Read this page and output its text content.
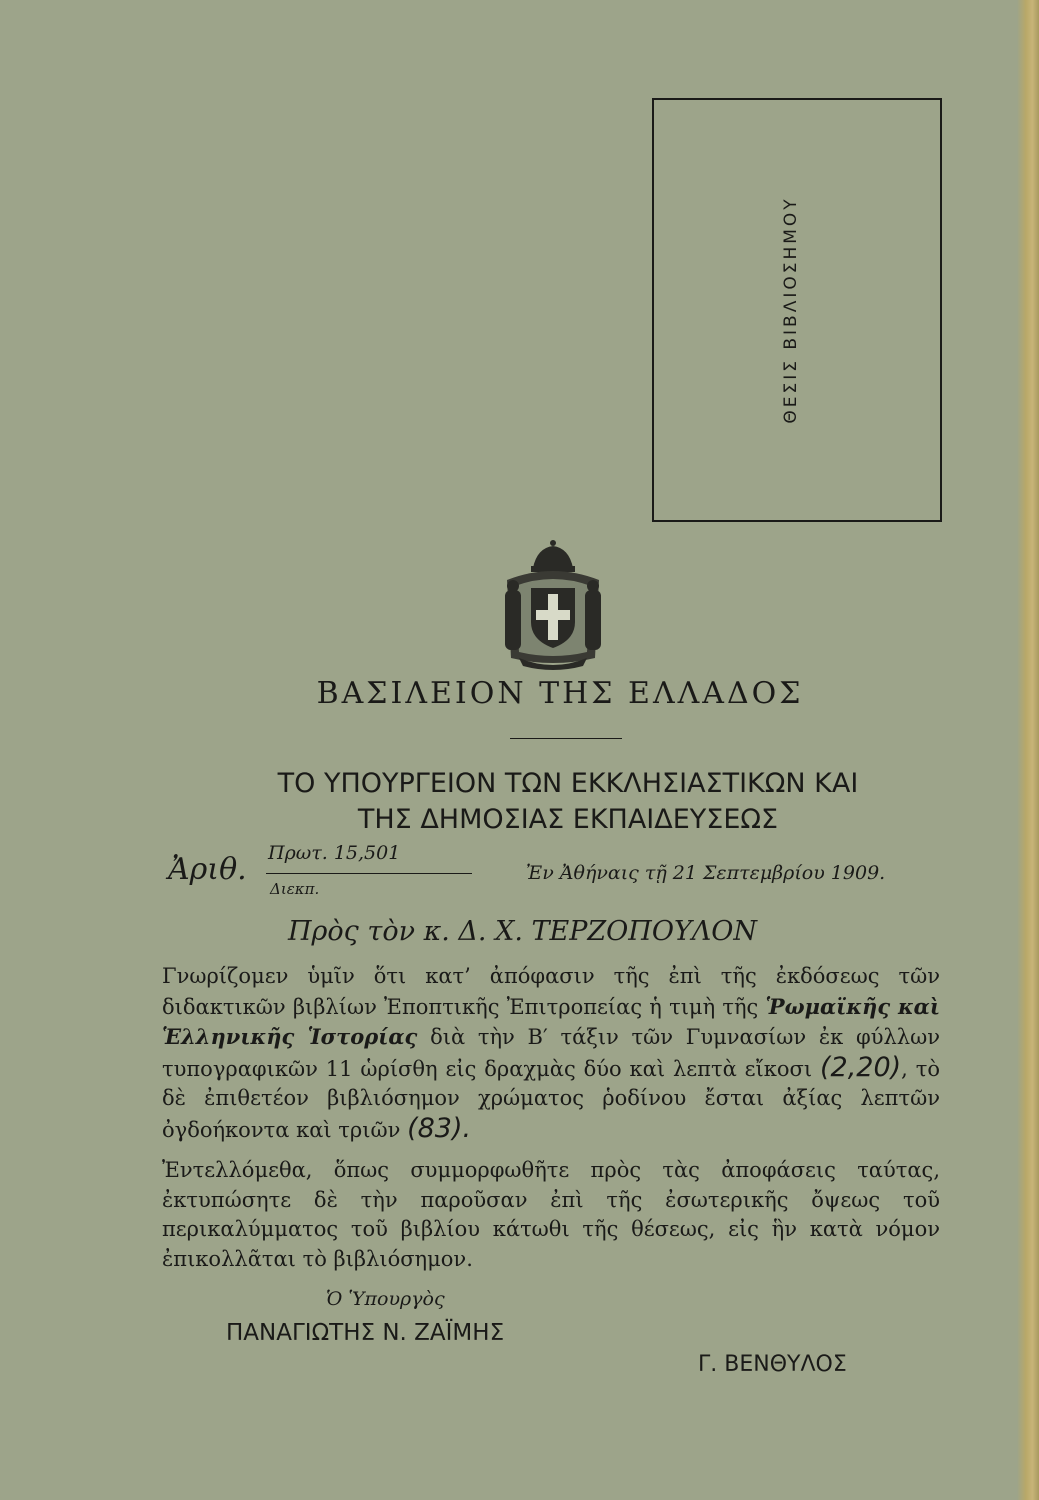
ΘΕΣΙΣ ΒΙΒΛΙΟΣΗΜΟΥ
ΒΑΣΙΛΕΙΟΝ ΤΗΣ ΕΛΛΑΔΟΣ
ΤΟ ΥΠΟΥΡΓΕΙΟΝ ΤΩΝ ΕΚΚΛΗΣΙΑΣΤΙΚΩΝ ΚΑΙ
ΤΗΣ ΔΗΜΟΣΙΑΣ ΕΚΠΑΙΔΕΥΣΕΩΣ
Ἀριθ. Πρωτ. 15,501
Διεκπ.
Ἐν Ἀθήναις τῇ 21 Σεπτεμβρίου 1909.
Πρὸς τὸν κ. Δ. Χ. ΤΕΡΖΟΠΟΥΛΟΝ

Γνωρίζομεν ὑμῖν ὅτι κατ’ ἀπόφασιν τῆς ἐπὶ τῆς ἐκδόσεως τῶν διδακτικῶν βιβλίων Ἐποπτικῆς Ἐπιτροπείας ἡ τιμὴ τῆς Ῥωμαϊκῆς καὶ Ἑλληνικῆς Ἱστορίας διὰ τὴν Β′ τάξιν τῶν Γυμνασίων ἐκ φύλλων τυπογραφικῶν 11 ὡρίσθη εἰς δραχμὰς δύο καὶ λεπτὰ εἴκοσι (2,20), τὸ δὲ ἐπιθετέον βιβλιόσημον χρώματος ῥοδίνου ἔσται ἀξίας λεπτῶν ὀγδοήκοντα καὶ τριῶν (83).

Ἐντελλόμεθα, ὅπως συμμορφωθῆτε πρὸς τὰς ἀποφάσεις ταύτας, ἐκτυπώσητε δὲ τὴν παροῦσαν ἐπὶ τῆς ἐσωτερικῆς ὄψεως τοῦ περικαλύμματος τοῦ βιβλίου κάτωθι τῆς θέσεως, εἰς ἣν κατὰ νόμον ἐπικολλᾶται τὸ βιβλιόσημον.

Ὁ Ὑπουργὸς
ΠΑΝΑΓΙΩΤΗΣ Ν. ΖΑΪΜΗΣ
Γ. ΒΕΝΘΥΛΟΣ
